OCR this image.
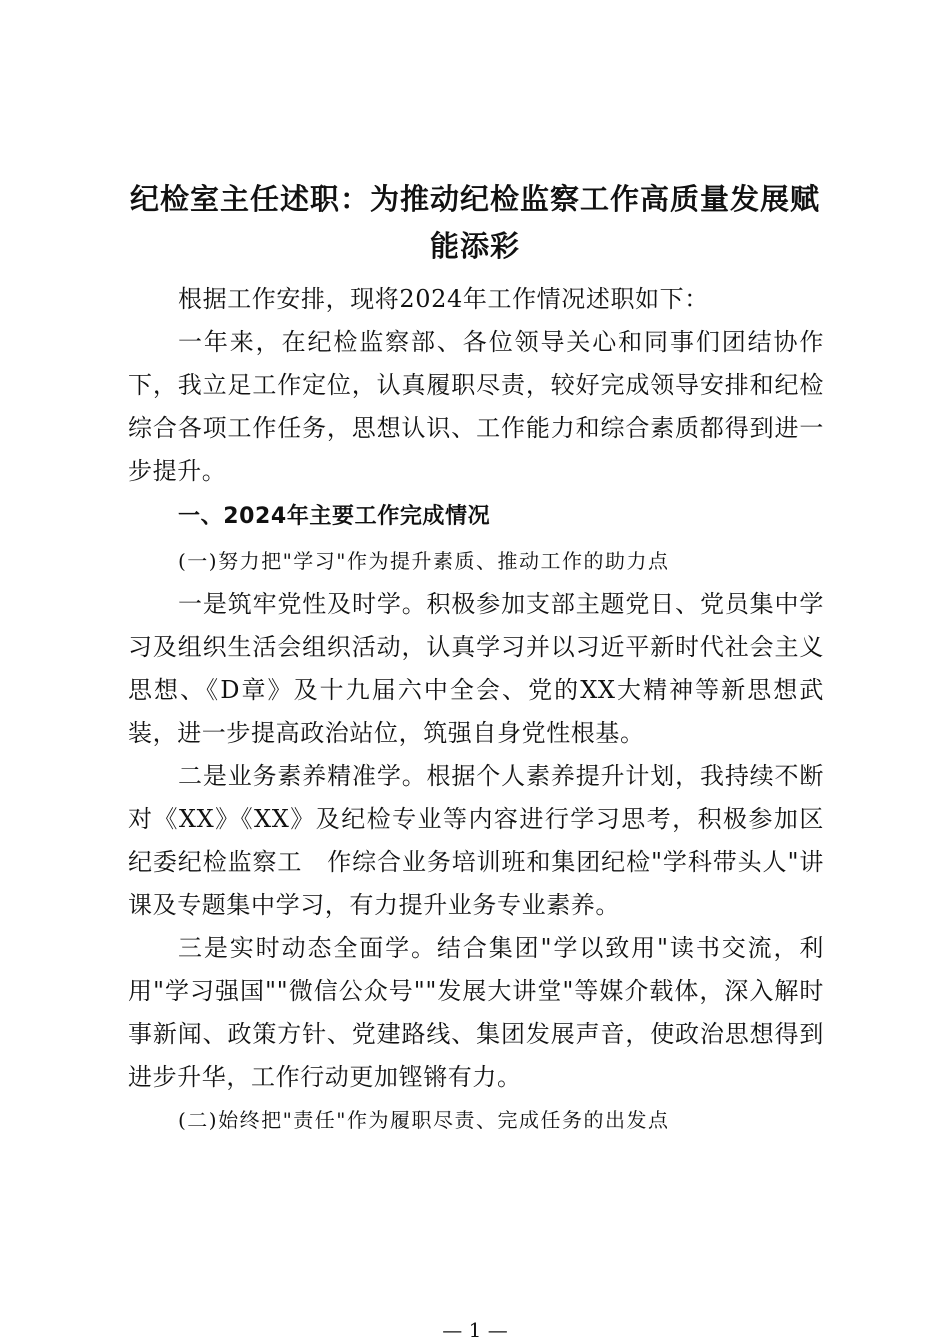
纪检室主任述职：为推动纪检监察工作高质量发展赋能添彩

根据工作安排，现将2024年工作情况述职如下：

一年来，在纪检监察部、各位领导关心和同事们团结协作下，我立足工作定位，认真履职尽责，较好完成领导安排和纪检综合各项工作任务，思想认识、工作能力和综合素质都得到进一步提升。

一、2024年主要工作完成情况

(一)努力把"学习"作为提升素质、推动工作的助力点

一是筑牢党性及时学。积极参加支部主题党日、党员集中学习及组织生活会组织活动，认真学习并以习近平新时代社会主义思想、《D章》及十九届六中全会、党的XX大精神等新思想武装，进一步提高政治站位，筑强自身党性根基。

二是业务素养精准学。根据个人素养提升计划，我持续不断对《XX》《XX》及纪检专业等内容进行学习思考，积极参加区纪委纪检监察工　作综合业务培训班和集团纪检"学科带头人"讲课及专题集中学习，有力提升业务专业素养。

三是实时动态全面学。结合集团"学以致用"读书交流，利用"学习强国""微信公众号""发展大讲堂"等媒介载体，深入解时事新闻、政策方针、党建路线、集团发展声音，使政治思想得到进步升华，工作行动更加铿锵有力。

(二)始终把"责任"作为履职尽责、完成任务的出发点

— 1 —
